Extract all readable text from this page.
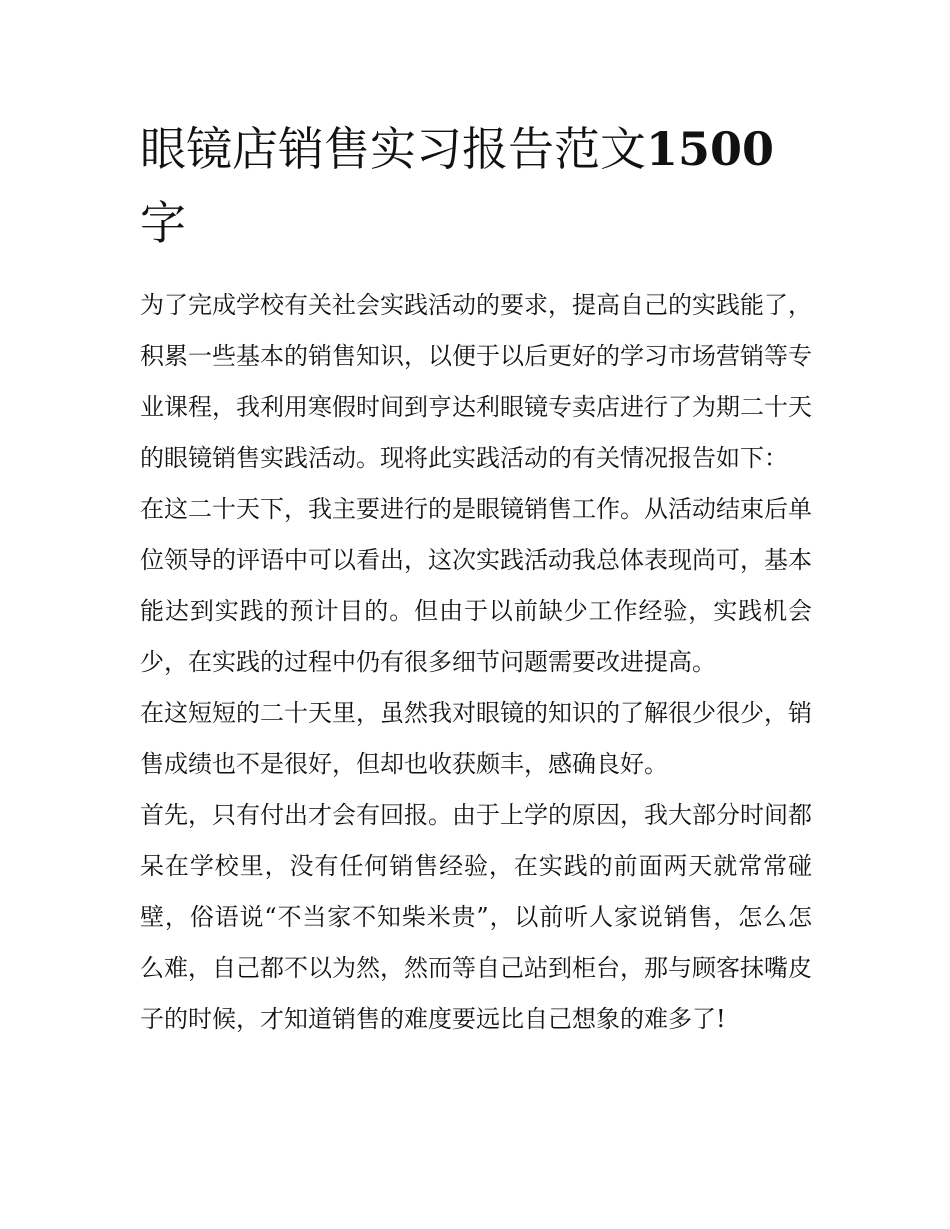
眼镜店销售实习报告范文1500
字

为了完成学校有关社会实践活动的要求，提高自己的实践能了，积累一些基本的销售知识，以便于以后更好的学习市场营销等专业课程，我利用寒假时间到亨达利眼镜专卖店进行了为期二十天的眼镜销售实践活动。现将此实践活动的有关情况报告如下：

在这二十天下，我主要进行的是眼镜销售工作。从活动结束后单位领导的评语中可以看出，这次实践活动我总体表现尚可，基本能达到实践的预计目的。但由于以前缺少工作经验，实践机会少，在实践的过程中仍有很多细节问题需要改进提高。

在这短短的二十天里，虽然我对眼镜的知识的了解很少很少，销售成绩也不是很好，但却也收获颇丰，感确良好。

首先，只有付出才会有回报。由于上学的原因，我大部分时间都呆在学校里，没有任何销售经验，在实践的前面两天就常常碰壁，俗语说“不当家不知柴米贵”，以前听人家说销售，怎么怎么难，自己都不以为然，然而等自己站到柜台，那与顾客抹嘴皮子的时候，才知道销售的难度要远比自己想象的难多了!
